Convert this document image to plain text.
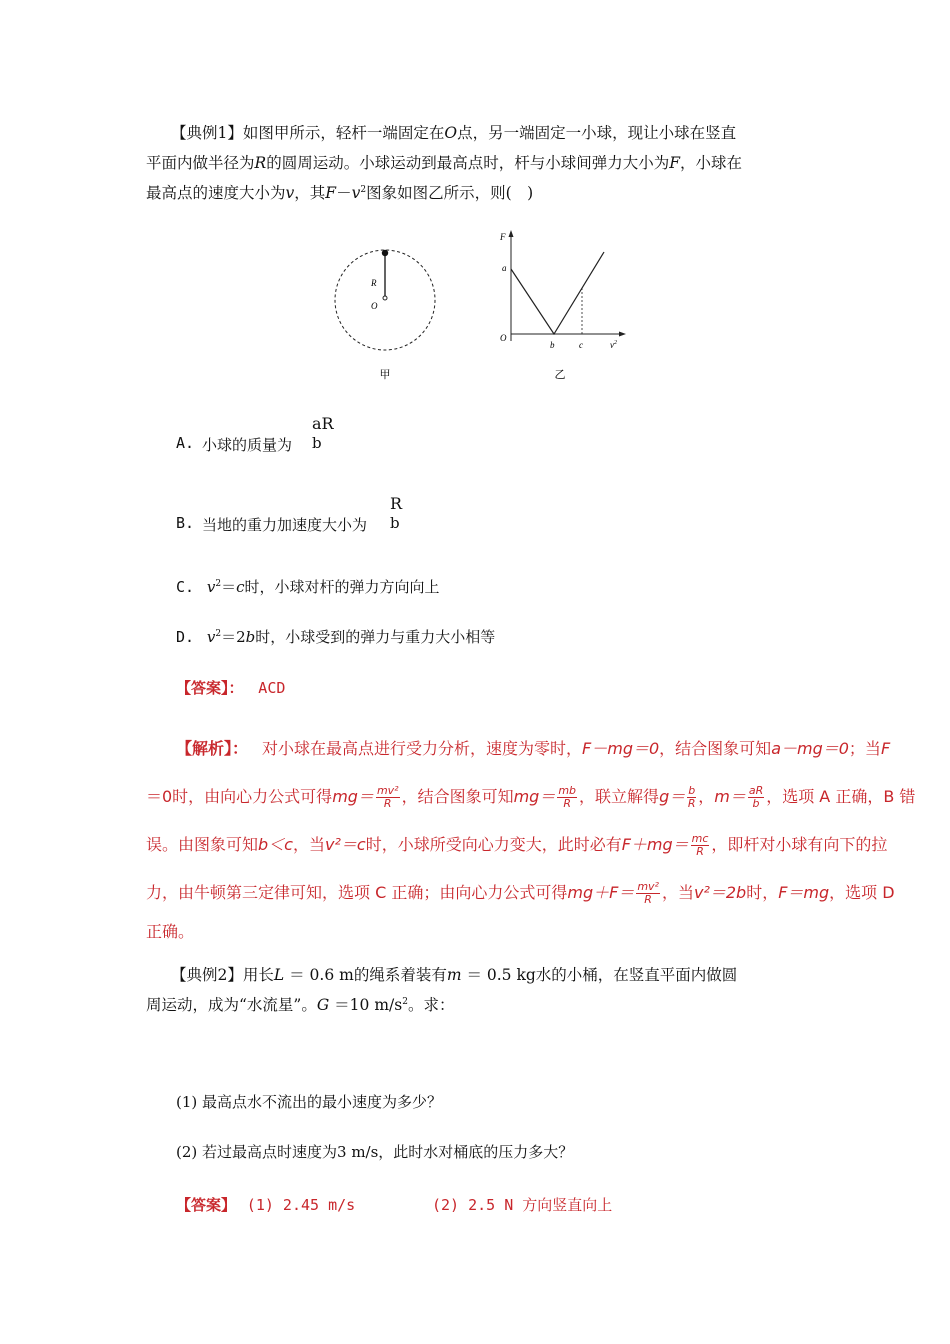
【典例1】如图甲所示，轻杆一端固定在O点，另一端固定一小球，现让小球在竖直
平面内做半径为R的圆周运动。小球运动到最高点时，杆与小球间弹力大小为F，小球在
最高点的速度大小为v，其$F-v^2$图象如图乙所示，则(　)
R
O
甲
F
a
O
b	c	$v^2$
乙
A. 小球的质量为
aR
b
B. 当地的重力加速度大小为
R
b
C. $v^2=c$时，小球对杆的弹力方向向上
D. $v^2=2b$时，小球受到的弹力与重力大小相等
【答案】： ACD
【解析】： 对小球在最高点进行受力分析，速度为零时，F－mg＝0，结合图象可知a－mg＝0；当F
＝0时，由向心力公式可得$mg= \frac{\text{mv²}}{R}$ ，结合图象可知$mg= \frac{mb}{R}$ ，联立解得$g= \frac{b}{R}$ ，$m= \frac{aR}{b}$ ，选项 A 正确，B 错
误。由图象可知b＜c，当v²＝c时，小球所受向心力变大，此时必有$F+mg= \frac{mc}{R}$ ，即杆对小球有向下的拉
力，由牛顿第三定律可知，选项 C 正确；由向心力公式可得$mg+F= \frac{\text{mv²}}{R}$ ，当v²＝2b时，F＝mg，选项 D
正确。
【典例2】用长L ＝ 0.6 m的绳系着装有m ＝ 0.5 kg水的小桶，在竖直平面内做圆
周运动，成为“水流星”。G ＝10 $m/s^2$。求：
(1) 最高点水不流出的最小速度为多少？
(2) 若过最高点时速度为3 m/s，此时水对桶底的压力多大？
【答案】 (1) 2.45 m/s	(2) 2.5 N 方向竖直向上
